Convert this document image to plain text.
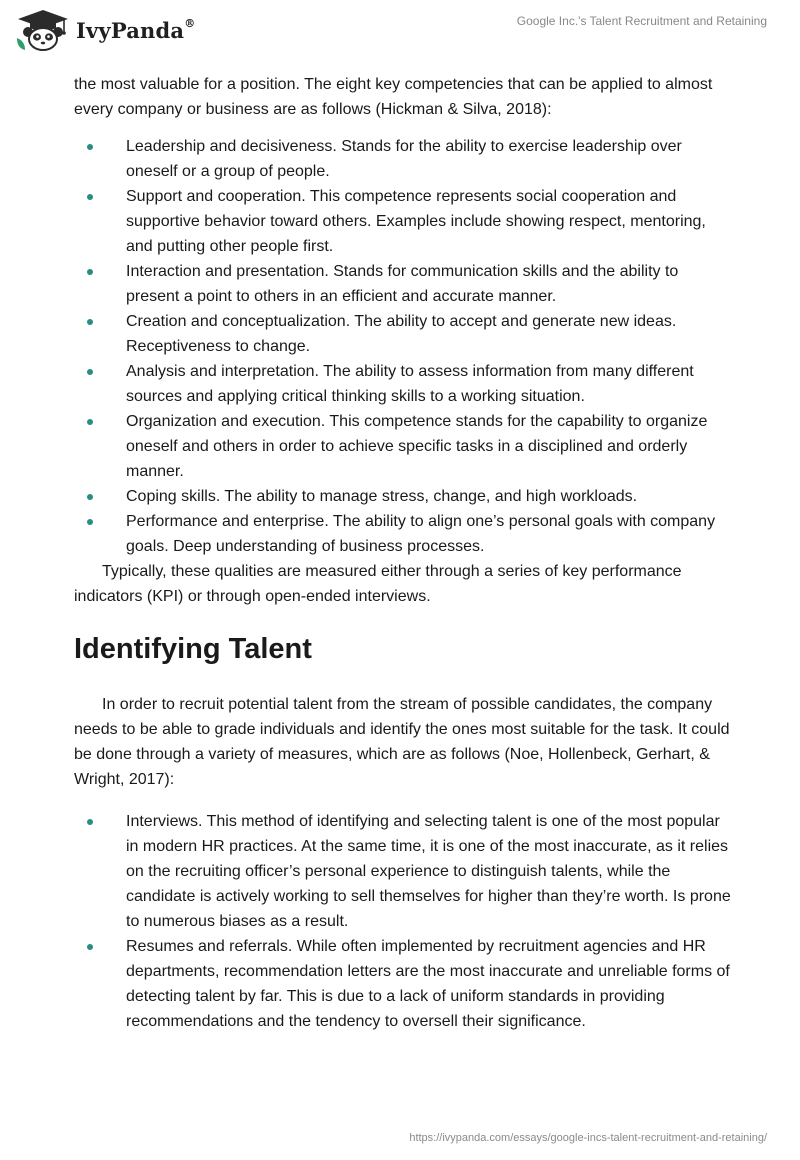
IvyPanda®	Google Inc.'s Talent Recruitment and Retaining

the most valuable for a position. The eight key competencies that can be applied to almost every company or business are as follows (Hickman & Silva, 2018):

Leadership and decisiveness. Stands for the ability to exercise leadership over oneself or a group of people.
Support and cooperation. This competence represents social cooperation and supportive behavior toward others. Examples include showing respect, mentoring, and putting other people first.
Interaction and presentation. Stands for communication skills and the ability to present a point to others in an efficient and accurate manner.
Creation and conceptualization. The ability to accept and generate new ideas. Receptiveness to change.
Analysis and interpretation. The ability to assess information from many different sources and applying critical thinking skills to a working situation.
Organization and execution. This competence stands for the capability to organize oneself and others in order to achieve specific tasks in a disciplined and orderly manner.
Coping skills. The ability to manage stress, change, and high workloads.
Performance and enterprise. The ability to align one’s personal goals with company goals. Deep understanding of business processes.

Typically, these qualities are measured either through a series of key performance indicators (KPI) or through open-ended interviews.

Identifying Talent

In order to recruit potential talent from the stream of possible candidates, the company needs to be able to grade individuals and identify the ones most suitable for the task. It could be done through a variety of measures, which are as follows (Noe, Hollenbeck, Gerhart, & Wright, 2017):

Interviews. This method of identifying and selecting talent is one of the most popular in modern HR practices. At the same time, it is one of the most inaccurate, as it relies on the recruiting officer’s personal experience to distinguish talents, while the candidate is actively working to sell themselves for higher than they’re worth. Is prone to numerous biases as a result.
Resumes and referrals. While often implemented by recruitment agencies and HR departments, recommendation letters are the most inaccurate and unreliable forms of detecting talent by far. This is due to a lack of uniform standards in providing recommendations and the tendency to oversell their significance.
https://ivypanda.com/essays/google-incs-talent-recruitment-and-retaining/
